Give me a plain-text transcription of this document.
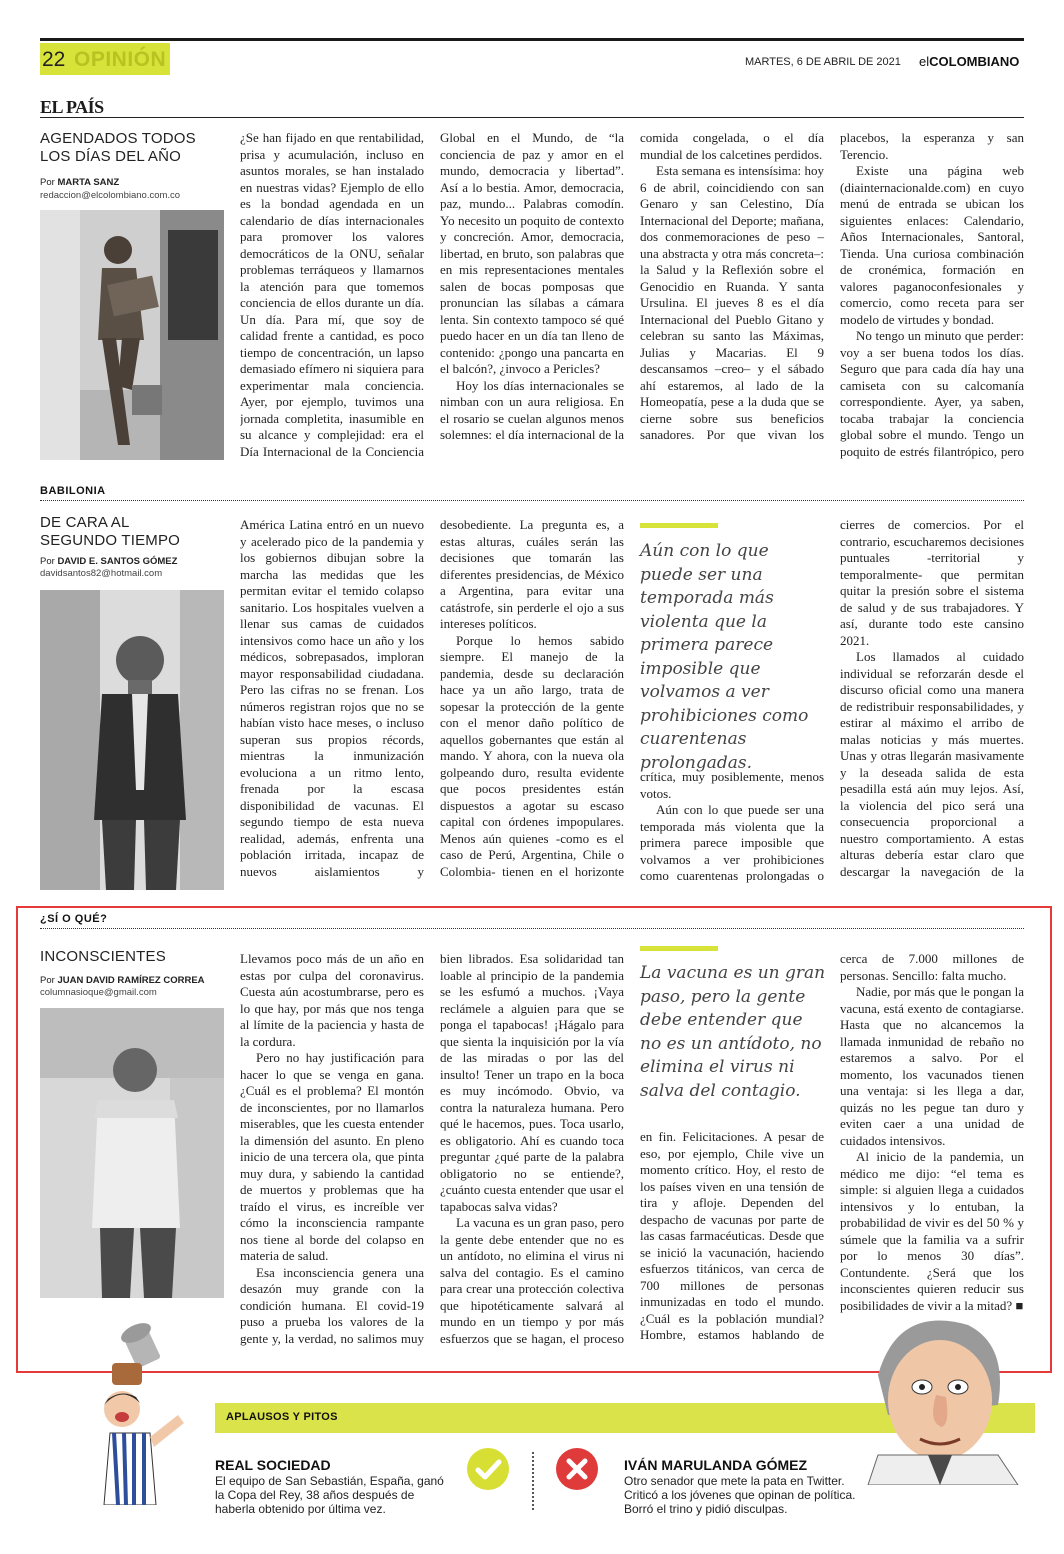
22 OPINIÓN	MARTES, 6 DE ABRIL DE 2021 elCOLOMBIANO
EL PAÍS
AGENDADOS TODOS
LOS DÍAS DEL AÑO
Por MARTA SANZ
redaccion@elcolombiano.com.co

¿Se han fijado en que rentabilidad, prisa y acumulación, incluso en asuntos morales, se han instalado en nuestras vidas? Ejemplo de ello es la bondad agendada en un calendario de días internacionales para promover los valores democráticos de la ONU, señalar problemas terráqueos y llamarnos la atención para que tomemos conciencia de ellos durante un día. Un día. Para mí, que soy de calidad frente a cantidad, es poco tiempo de concentración, un lapso demasiado efímero ni siquiera para experimentar mala conciencia. Ayer, por ejemplo, tuvimos una jornada completita, inasumible en su alcance y complejidad: era el Día Internacional de la Conciencia Global en el Mundo, de “la conciencia de paz y amor en el mundo, democracia y libertad”. Así a lo bestia. Amor, democracia, paz, mundo... Palabras comodín. Yo necesito un poquito de contexto y concreción. Amor, democracia, libertad, en bruto, son palabras que en mis representaciones mentales salen de bocas pomposas que pronuncian las sílabas a cámara lenta. Sin contexto tampoco sé qué puedo hacer en un día tan lleno de contenido: ¿pongo una pancarta en el balcón?, ¿invoco a Pericles?

Hoy los días internacionales se nimban con un aura religiosa. En el rosario se cuelan algunos menos solemnes: el día internacional de la comida congelada, o el día mundial de los calcetines perdidos.

Esta semana es intensísima: hoy 6 de abril, coincidiendo con san Genaro y san Celestino, Día Internacional del Deporte; mañana, dos conmemoraciones de peso –una abstracta y otra más concreta–: la Salud y la Reflexión sobre el Genocidio en Ruanda. Y santa Ursulina. El jueves 8 es el día Internacional del Pueblo Gitano y celebran su santo las Máximas, Julias y Macarias. El 9 descansamos –creo– y el sábado ahí estaremos, al lado de la Homeopatía, pese a la duda que se cierne sobre sus beneficios sanadores. Por que vivan los placebos, la esperanza y san Terencio.

Existe una página web (diainternacionalde.com) en cuyo menú de entrada se ubican los siguientes enlaces: Calendario, Años Internacionales, Santoral, Tienda. Una curiosa combinación de cronémica, formación en valores paganoconfesionales y comercio, como receta para ser modelo de virtudes y bondad.

No tengo un minuto que perder: voy a ser buena todos los días. Seguro que para cada día hay una camiseta con su calcomanía correspondiente. Ayer, ya saben, tocaba trabajar la conciencia global sobre el mundo. Tengo un poquito de estrés filantrópico, pero

BABILONIA
DE CARA AL
SEGUNDO TIEMPO
Por DAVID E. SANTOS GÓMEZ
davidsantos82@hotmail.com

América Latina entró en un nuevo y acelerado pico de la pandemia y los gobiernos dibujan sobre la marcha las medidas que les permitan evitar el temido colapso sanitario. Los hospitales vuelven a llenar sus camas de cuidados intensivos como hace un año y los médicos, sobrepasados, imploran mayor responsabilidad ciudadana. Pero las cifras no se frenan. Los números registran rojos que no se habían visto hace meses, o incluso superan sus propios récords, mientras la inmunización evoluciona a un ritmo lento, frenada por la escasa disponibilidad de vacunas. El segundo tiempo de esta nueva realidad, además, enfrenta una población irritada, incapaz de nuevos aislamientos y desobediente. La pregunta es, a estas alturas, cuáles serán las decisiones que tomarán las diferentes presidencias, de México a Argentina, para evitar una catástrofe, sin perderle el ojo a sus intereses políticos.

Porque lo hemos sabido siempre. El manejo de la pandemia, desde su declaración hace ya un año largo, trata de sopesar la protección de la gente con el menor daño político de aquellos gobernantes que están al mando. Y ahora, con la nueva ola golpeando duro, resulta evidente que pocos presidentes están dispuestos a agotar su escaso capital con órdenes impopulares. Menos aún quienes -como es el caso de Perú, Argentina, Chile o Colombia- tienen en el horizonte

Aún con lo que puede ser una temporada más violenta que la primera parece imposible que volvamos a ver prohibiciones como cuarentenas prolongadas.

crítica, muy posiblemente, menos votos.

Aún con lo que puede ser una temporada más violenta que la primera parece imposible que volvamos a ver prohibiciones como cuarentenas prolongadas o cierres de comercios. Por el contrario, escucharemos decisiones puntuales -territorial y temporalmente- que permitan quitar la presión sobre el sistema de salud y de sus trabajadores. Y así, durante todo este cansino 2021.

Los llamados al cuidado individual se reforzarán desde el discurso oficial como una manera de redistribuir responsabilidades, y estirar al máximo el arribo de malas noticias y más muertes. Unas y otras llegarán masivamente y la deseada salida de esta pesadilla está aún muy lejos. Así, la violencia del pico será una consecuencia proporcional a nuestro comportamiento. A estas alturas debería estar claro que descargar la navegación de la

¿SÍ O QUÉ?
INCONSCIENTES
Por JUAN DAVID RAMÍREZ CORREA
columnasioque@gmail.com

Llevamos poco más de un año en estas por culpa del coronavirus. Cuesta aún acostumbrarse, pero es lo que hay, por más que nos tenga al límite de la paciencia y hasta de la cordura.

Pero no hay justificación para hacer lo que se venga en gana. ¿Cuál es el problema? El montón de inconscientes, por no llamarlos miserables, que les cuesta entender la dimensión del asunto. En pleno inicio de una tercera ola, que pinta muy dura, y sabiendo la cantidad de muertos y problemas que ha traído el virus, es increíble ver cómo la inconsciencia rampante nos tiene al borde del colapso en materia de salud.

Esa inconsciencia genera una desazón muy grande con la condición humana. El covid-19 puso a prueba los valores de la gente y, la verdad, no salimos muy bien librados. Esa solidaridad tan loable al principio de la pandemia se les esfumó a muchos. ¡Vaya reclámele a alguien para que se ponga el tapabocas! ¡Hágalo para que sienta la inquisición por la vía de las miradas o por las del insulto! Tener un trapo en la boca es muy incómodo. Obvio, va contra la naturaleza humana. Pero qué le hacemos, pues. Toca usarlo, es obligatorio. Ahí es cuando toca preguntar ¿qué parte de la palabra obligatorio no se entiende?, ¿cuánto cuesta entender que usar el tapabocas salva vidas?

La vacuna es un gran paso, pero la gente debe entender que no es un antídoto, no elimina el virus ni salva del contagio. Es el camino para crear una protección colectiva que hipotéticamente salvará al mundo en un tiempo y por más esfuerzos que se hagan, el proceso

La vacuna es un gran paso, pero la gente debe entender que no es un antídoto, no elimina el virus ni salva del contagio.

en fin. Felicitaciones. A pesar de eso, por ejemplo, Chile vive un momento crítico. Hoy, el resto de los países viven en una tensión de tira y afloje. Dependen del despacho de vacunas por parte de las casas farmacéuticas. Desde que se inició la vacunación, haciendo esfuerzos titánicos, van cerca de 700 millones de personas inmunizadas en todo el mundo. ¿Cuál es la población mundial? Hombre, estamos hablando de cerca de 7.000 millones de personas. Sencillo: falta mucho.

Nadie, por más que le pongan la vacuna, está exento de contagiarse. Hasta que no alcancemos la llamada inmunidad de rebaño no estaremos a salvo. Por el momento, los vacunados tienen una ventaja: si les llega a dar, quizás no les pegue tan duro y eviten caer a una unidad de cuidados intensivos.

Al inicio de la pandemia, un médico me dijo: “el tema es simple: si alguien llega a cuidados intensivos y lo entuban, la probabilidad de vivir es del 50 % y súmele que la familia va a sufrir por lo menos 30 días”. Contundente. ¿Será que los inconscientes quieren reducir sus posibilidades de vivir a la mitad? ■

APLAUSOS Y PITOS
REAL SOCIEDAD
El equipo de San Sebastián, España, ganó la Copa del Rey, 38 años después de haberla obtenido por última vez.
IVÁN MARULANDA GÓMEZ
Otro senador que mete la pata en Twitter. Criticó a los jóvenes que opinan de política. Borró el trino y pidió disculpas.
